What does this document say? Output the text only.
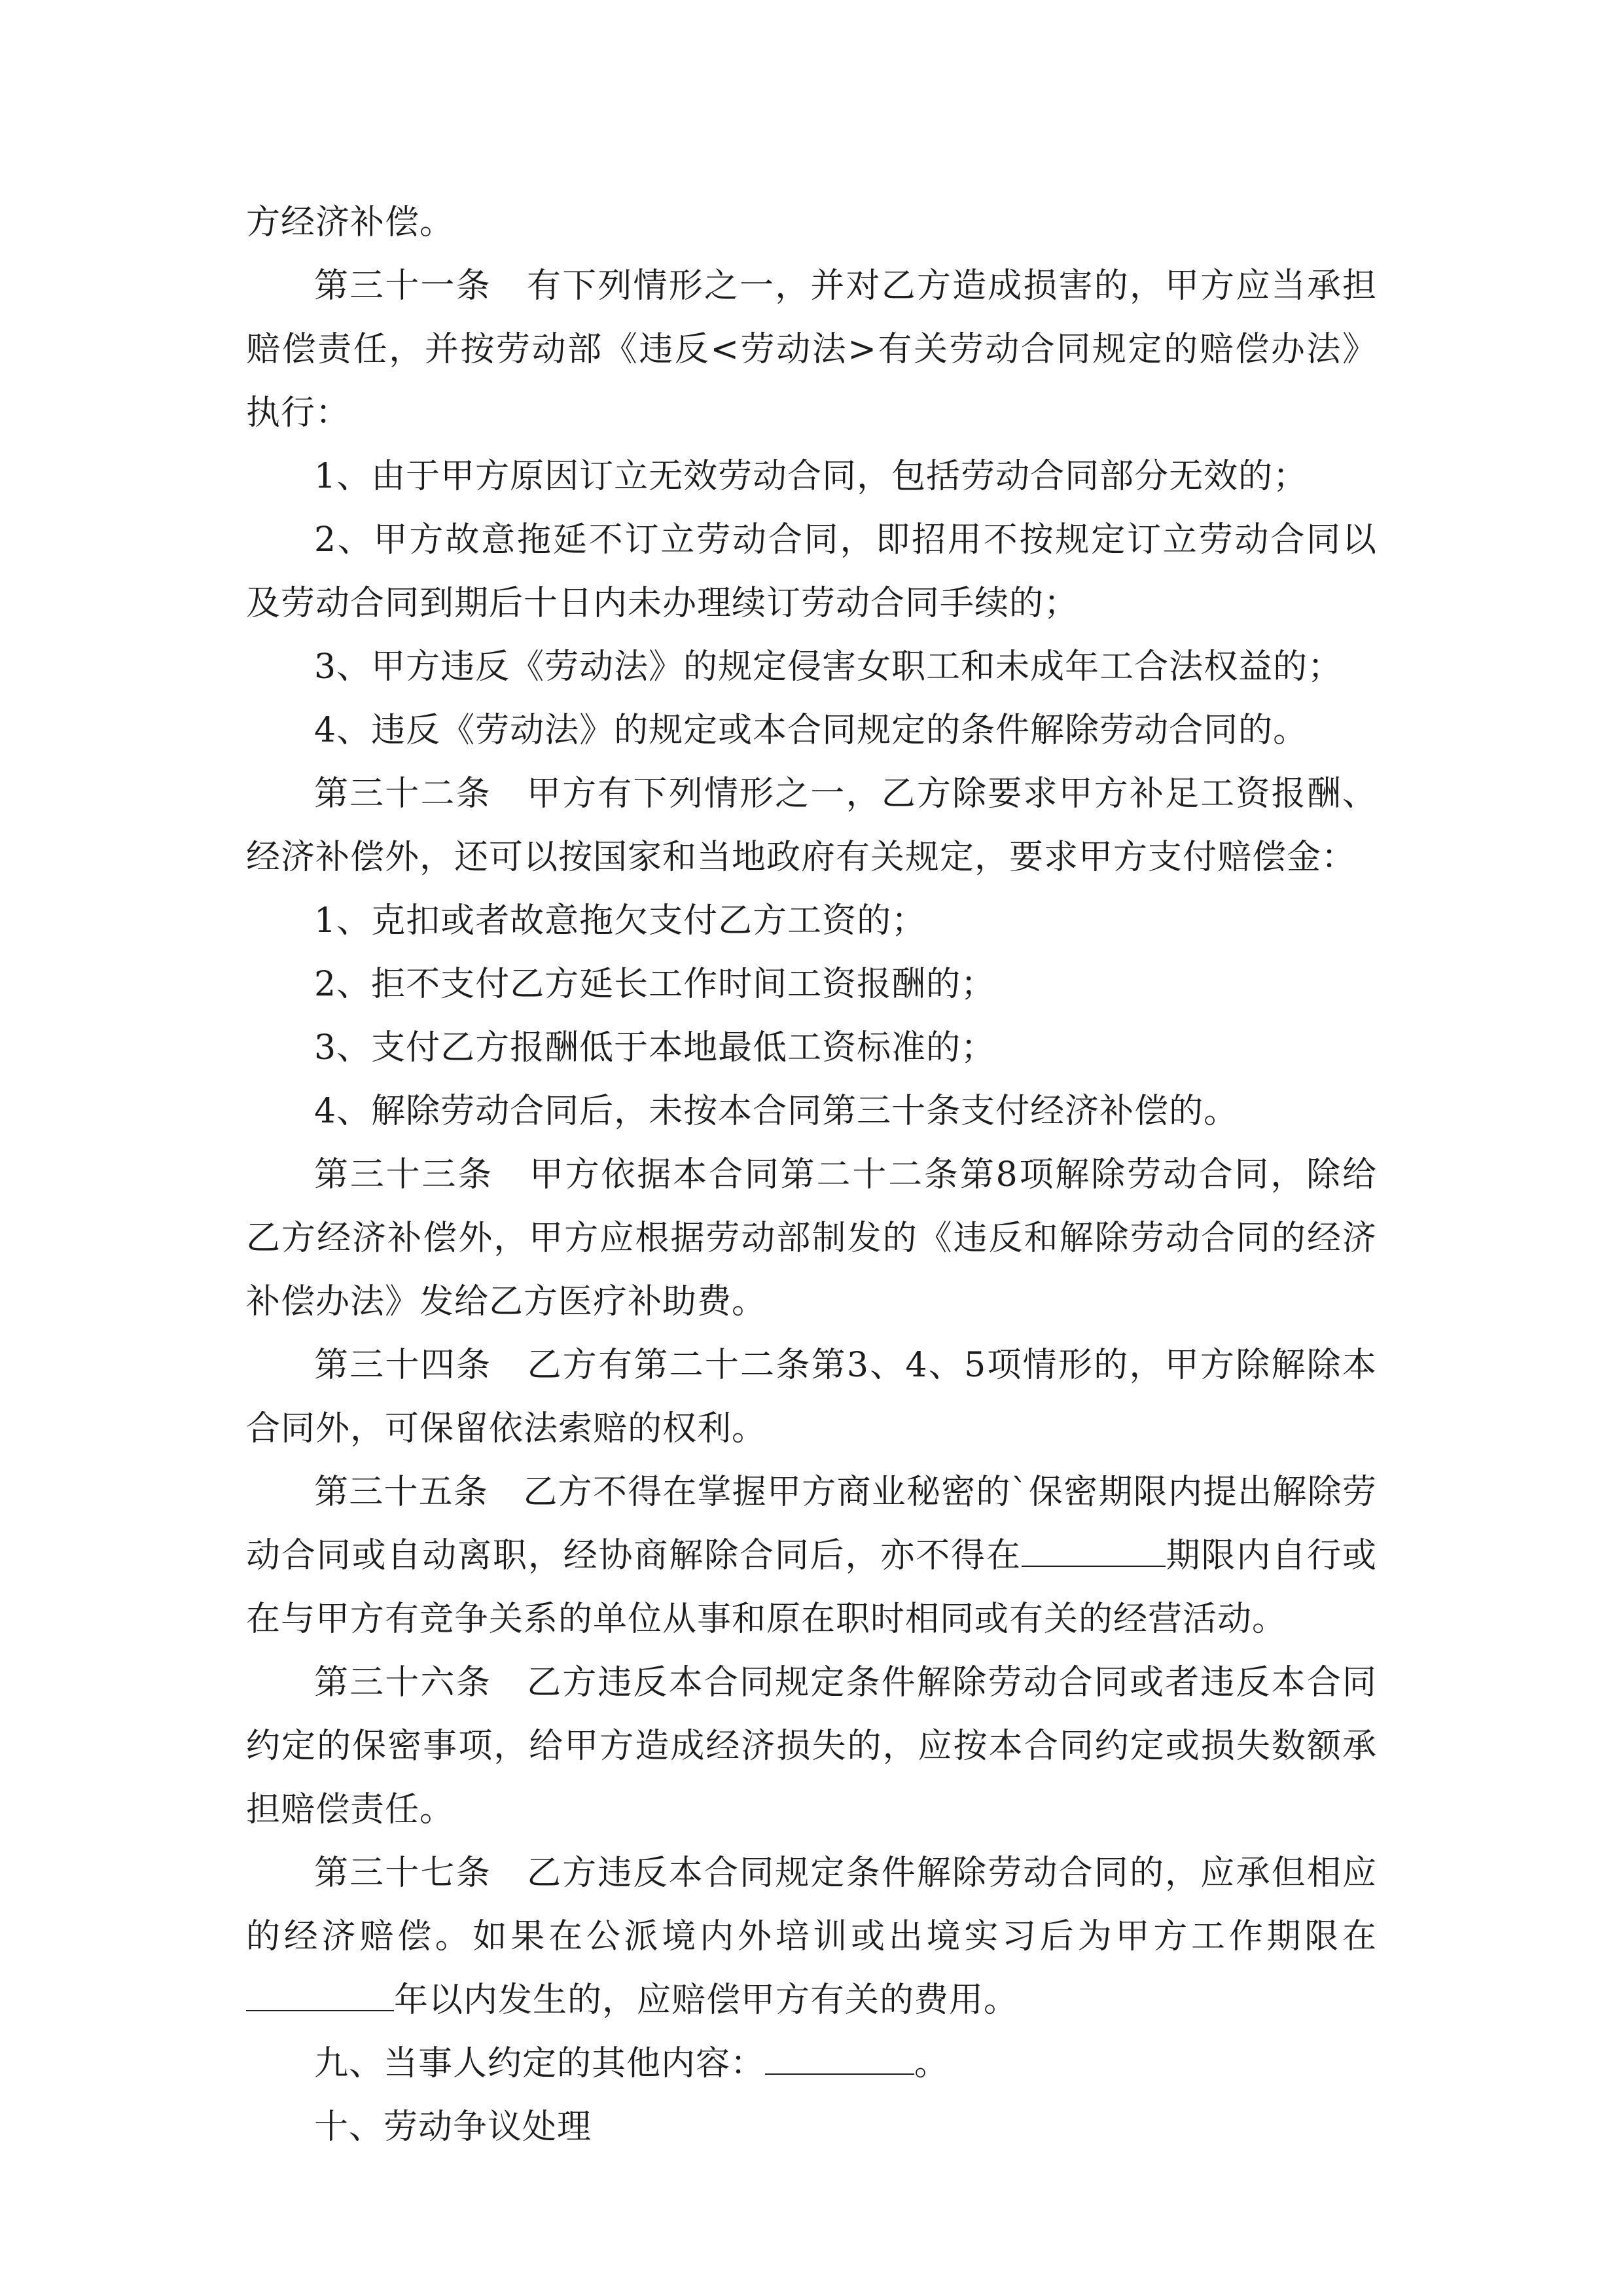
方经济补偿。

第三十一条　有下列情形之一，并对乙方造成损害的，甲方应当承担赔偿责任，并按劳动部《违反<劳动法>有关劳动合同规定的赔偿办法》执行：

1、由于甲方原因订立无效劳动合同，包括劳动合同部分无效的；

2、甲方故意拖延不订立劳动合同，即招用不按规定订立劳动合同以及劳动合同到期后十日内未办理续订劳动合同手续的；

3、甲方违反《劳动法》的规定侵害女职工和未成年工合法权益的；

4、违反《劳动法》的规定或本合同规定的条件解除劳动合同的。

第三十二条　甲方有下列情形之一，乙方除要求甲方补足工资报酬、经济补偿外，还可以按国家和当地政府有关规定，要求甲方支付赔偿金：

1、克扣或者故意拖欠支付乙方工资的；

2、拒不支付乙方延长工作时间工资报酬的；

3、支付乙方报酬低于本地最低工资标准的；

4、解除劳动合同后，未按本合同第三十条支付经济补偿的。

第三十三条　甲方依据本合同第二十二条第8项解除劳动合同，除给乙方经济补偿外，甲方应根据劳动部制发的《违反和解除劳动合同的经济补偿办法》发给乙方医疗补助费。

第三十四条　乙方有第二十二条第3、4、5项情形的，甲方除解除本合同外，可保留依法索赔的权利。

第三十五条　乙方不得在掌握甲方商业秘密的`保密期限内提出解除劳动合同或自动离职，经协商解除合同后，亦不得在	期限内自行或在与甲方有竞争关系的单位从事和原在职时相同或有关的经营活动。

第三十六条　乙方违反本合同规定条件解除劳动合同或者违反本合同约定的保密事项，给甲方造成经济损失的，应按本合同约定或损失数额承担赔偿责任。

第三十七条　乙方违反本合同规定条件解除劳动合同的，应承但相应的经济赔偿。如果在公派境内外培训或出境实习后为甲方工作期限在年以内发生的，应赔偿甲方有关的费用。

九、当事人约定的其他内容：	。

十、劳动争议处理
